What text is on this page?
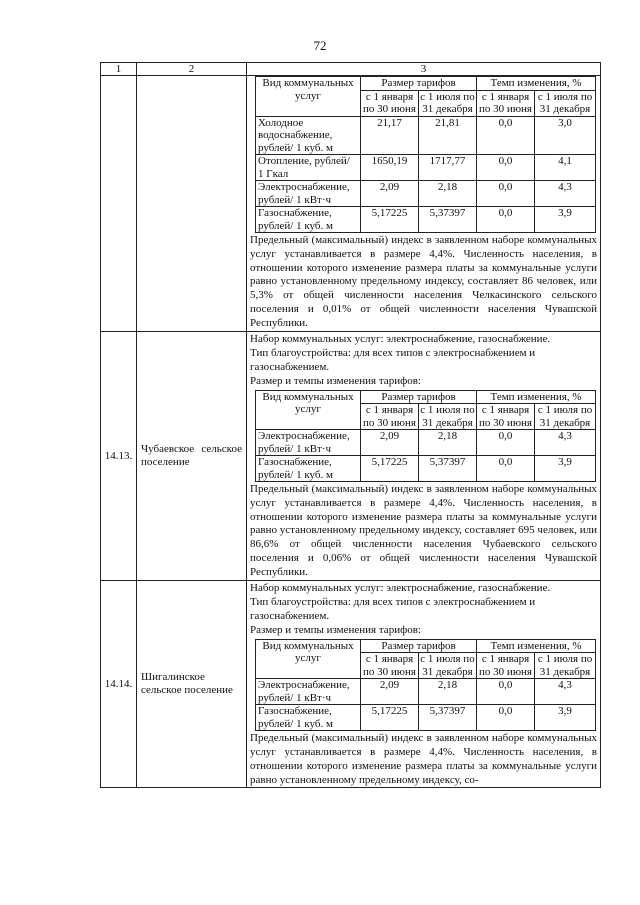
72
1	2	3

Вид коммунальных услуг	Размер тарифов	Темп изменения, %
с 1 января по 30 июня	с 1 июля по 31 декабря	с 1 января по 30 июня	с 1 июля по 31 декабря
Холодное водоснабжение, рублей/ 1 куб. м	21,17	21,81	0,0	3,0
Отопление, рублей/ 1 Гкал	1650,19	1717,77	0,0	4,1
Электроснабжение, рублей/ 1 кВт·ч	2,09	2,18	0,0	4,3
Газоснабжение, рублей/ 1 куб. м	5,17225	5,37397	0,0	3,9
Предельный (максимальный) индекс в заявленном наборе коммунальных услуг устанавливается в размере 4,4%. Численность населения, в отношении которого изменение размера платы за коммунальные услуги равно установленному предельному индексу, составляет 86 человек, или 5,3% от общей численности населения Челкасинского сельского поселения и 0,01% от общей численности населения Чувашской Республики.

14.13.	Чубаевское сельское поселение	
Набор коммунальных услуг: электроснабжение, газоснабжение.
Тип благоустройства: для всех типов с электроснабжением и газоснабжением.
Размер и темпы изменения тарифов:
Вид коммунальных услуг	Размер тарифов	Темп изменения, %
с 1 января по 30 июня	с 1 июля по 31 декабря	с 1 января по 30 июня	с 1 июля по 31 декабря
Электроснабжение, рублей/ 1 кВт·ч	2,09	2,18	0,0	4,3
Газоснабжение, рублей/ 1 куб. м	5,17225	5,37397	0,0	3,9
Предельный (максимальный) индекс в заявленном наборе коммунальных услуг устанавливается в размере 4,4%. Численность населения, в отношении которого изменение размера платы за коммунальные услуги равно установленному предельному индексу, составляет 695 человек, или 86,6% от общей численности населения Чубаевского сельского поселения и 0,06% от общей численности населения Чувашской Республики.

14.14.	Шигалинское сельское поселение	
Набор коммунальных услуг: электроснабжение, газоснабжение.
Тип благоустройства: для всех типов с электроснабжением и газоснабжением.
Размер и темпы изменения тарифов:
Вид коммунальных услуг	Размер тарифов	Темп изменения, %
с 1 января по 30 июня	с 1 июля по 31 декабря	с 1 января по 30 июня	с 1 июля по 31 декабря
Электроснабжение, рублей/ 1 кВт·ч	2,09	2,18	0,0	4,3
Газоснабжение, рублей/ 1 куб. м	5,17225	5,37397	0,0	3,9
Предельный (максимальный) индекс в заявленном наборе коммунальных услуг устанавливается в размере 4,4%. Численность населения, в отношении которого изменение размера платы за коммунальные услуги равно установленному предельному индексу, со-
